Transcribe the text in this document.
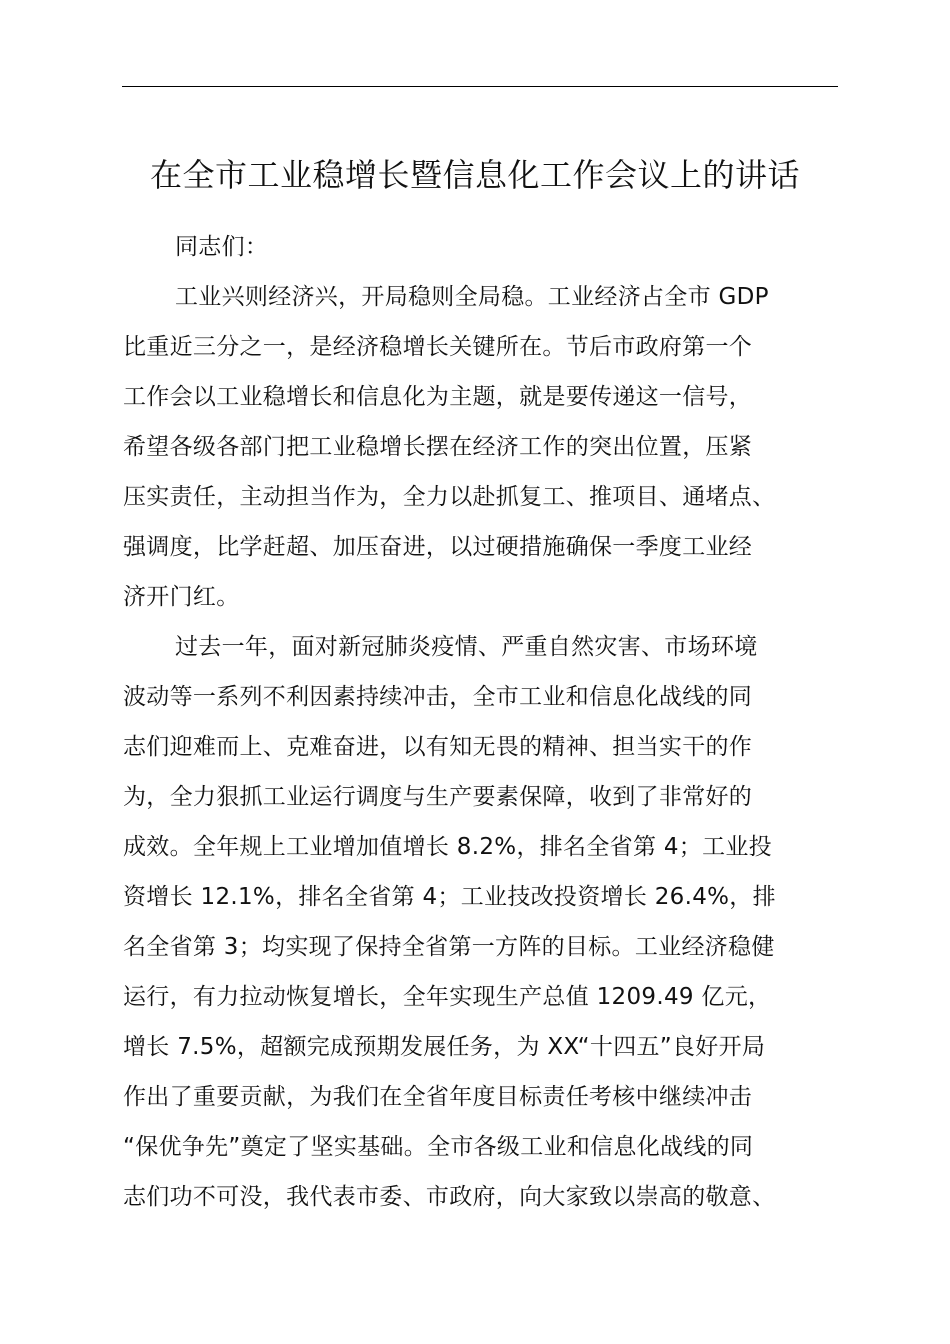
在全市工业稳增长暨信息化工作会议上的讲话
同志们：
工业兴则经济兴，开局稳则全局稳。工业经济占全市 GDP
比重近三分之一，是经济稳增长关键所在。节后市政府第一个
工作会以工业稳增长和信息化为主题，就是要传递这一信号，
希望各级各部门把工业稳增长摆在经济工作的突出位置，压紧
压实责任，主动担当作为，全力以赴抓复工、推项目、通堵点、
强调度，比学赶超、加压奋进，以过硬措施确保一季度工业经
济开门红。
过去一年，面对新冠肺炎疫情、严重自然灾害、市场环境
波动等一系列不利因素持续冲击，全市工业和信息化战线的同
志们迎难而上、克难奋进，以有知无畏的精神、担当实干的作
为，全力狠抓工业运行调度与生产要素保障，收到了非常好的
成效。全年规上工业增加值增长 8.2%，排名全省第 4；工业投
资增长 12.1%，排名全省第 4；工业技改投资增长 26.4%，排
名全省第 3；均实现了保持全省第一方阵的目标。工业经济稳健
运行，有力拉动恢复增长，全年实现生产总值 1209.49 亿元，
增长 7.5%，超额完成预期发展任务，为 XX“十四五”良好开局
作出了重要贡献，为我们在全省年度目标责任考核中继续冲击
“保优争先”奠定了坚实基础。全市各级工业和信息化战线的同
志们功不可没，我代表市委、市政府，向大家致以崇高的敬意、
